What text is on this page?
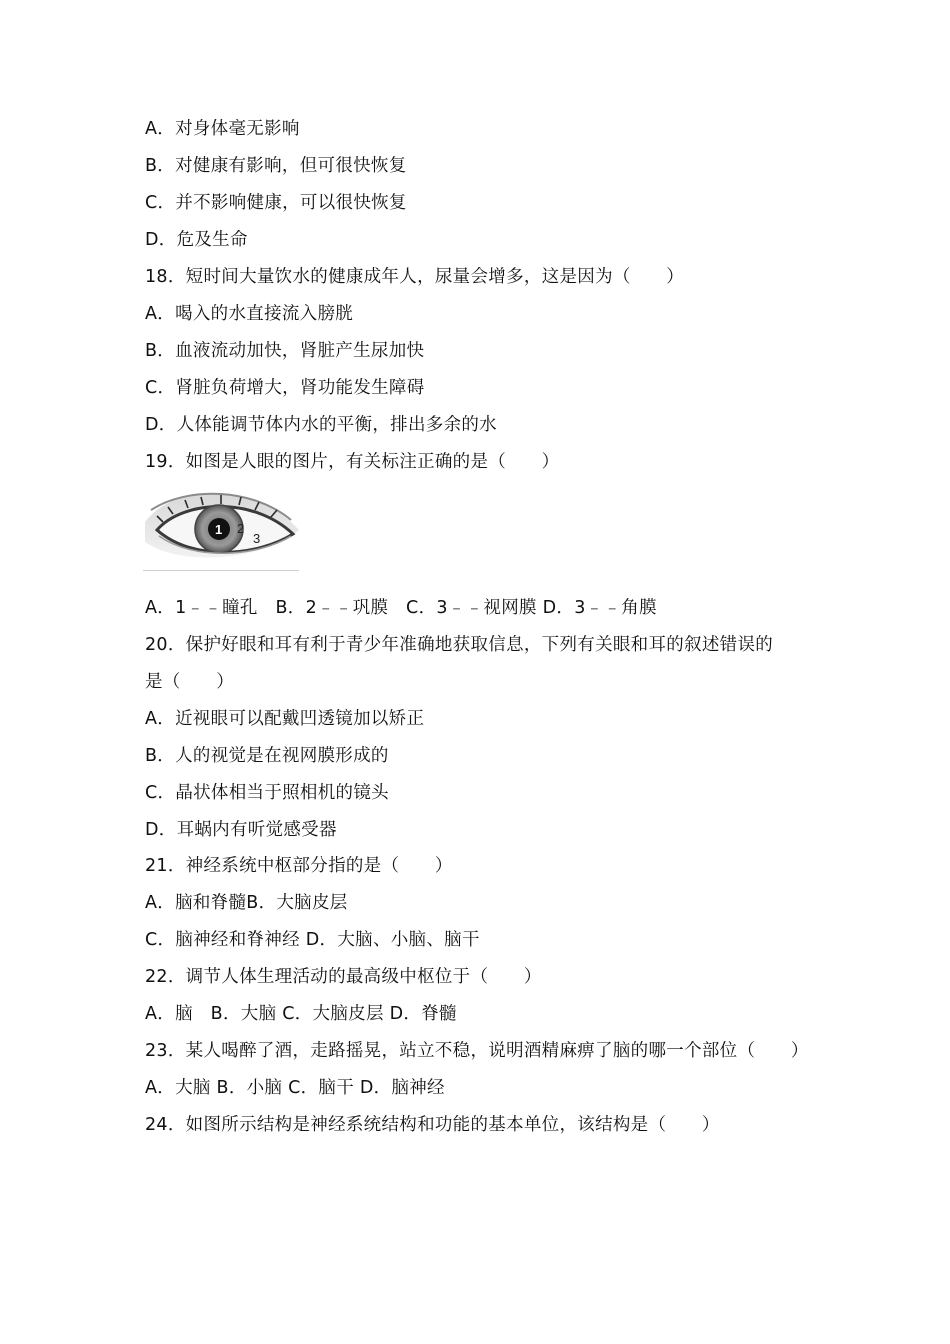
A．对身体毫无影响
B．对健康有影响，但可很快恢复
C．并不影响健康，可以很快恢复
D．危及生命
18．短时间大量饮水的健康成年人，尿量会增多，这是因为（　　）
A．喝入的水直接流入膀胱
B．血液流动加快，肾脏产生尿加快
C．肾脏负荷增大，肾功能发生障碍
D．人体能调节体内水的平衡，排出多余的水
19．如图是人眼的图片，有关标注正确的是（　　）
1 2
3
A．1﹣﹣瞳孔　B．2﹣﹣巩膜　C．3﹣﹣视网膜 D．3﹣﹣角膜
20．保护好眼和耳有利于青少年准确地获取信息，下列有关眼和耳的叙述错误的
是（　　）
A．近视眼可以配戴凹透镜加以矫正
B．人的视觉是在视网膜形成的
C．晶状体相当于照相机的镜头
D．耳蜗内有听觉感受器
21．神经系统中枢部分指的是（　　）
A．脑和脊髓B．大脑皮层
C．脑神经和脊神经 D．大脑、小脑、脑干
22．调节人体生理活动的最高级中枢位于（　　）
A．脑　B．大脑 C．大脑皮层 D．脊髓
23．某人喝醉了酒，走路摇晃，站立不稳，说明酒精麻痹了脑的哪一个部位（　　）
A．大脑 B．小脑 C．脑干 D．脑神经
24．如图所示结构是神经系统结构和功能的基本单位，该结构是（　　）
